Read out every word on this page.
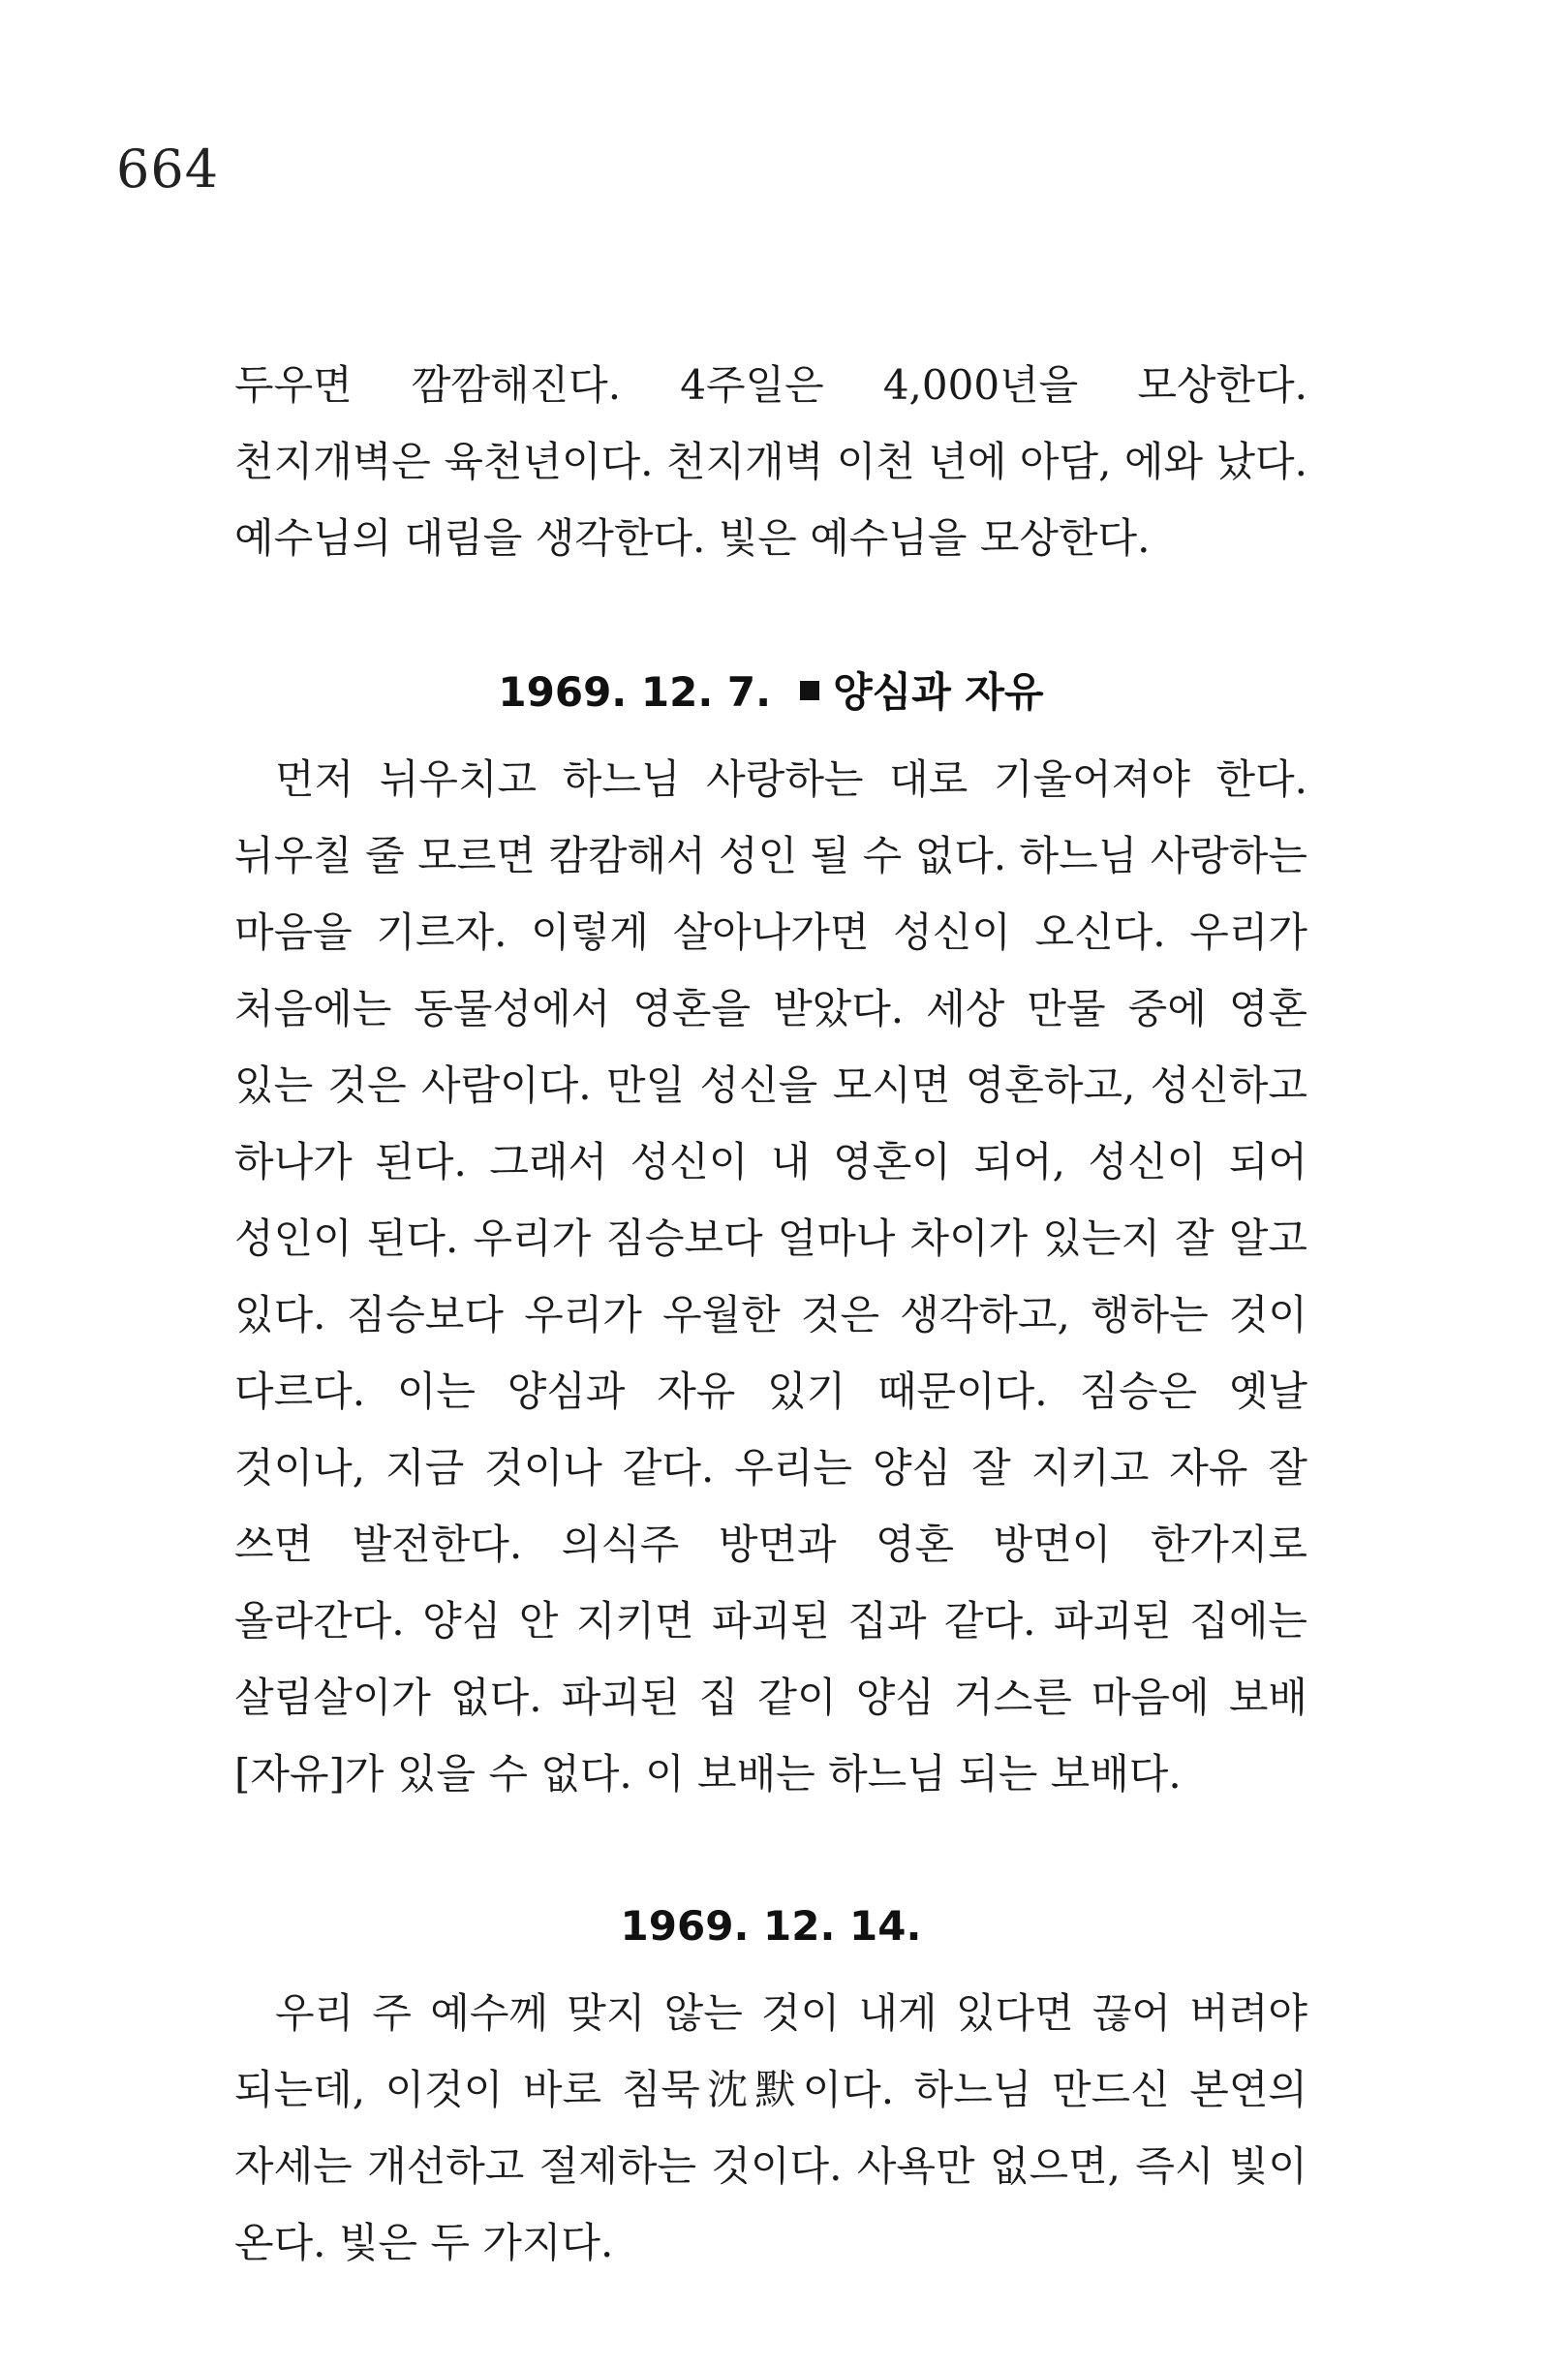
664

두우면 깜깜해진다. 4주일은 4,000년을 모상한다. 천지개벽은 육천년이다. 천지개벽 이천 년에 아담, 에와 났다. 예수님의 대림을 생각한다. 빛은 예수님을 모상한다.

1969. 12. 7. 양심과 자유

먼저 뉘우치고 하느님 사랑하는 대로 기울어져야 한다. 뉘우칠 줄 모르면 캄캄해서 성인 될 수 없다. 하느님 사랑하는 마음을 기르자. 이렇게 살아나가면 성신이 오신다. 우리가 처음에는 동물성에서 영혼을 받았다. 세상 만물 중에 영혼 있는 것은 사람이다. 만일 성신을 모시면 영혼하고, 성신하고 하나가 된다. 그래서 성신이 내 영혼이 되어, 성신이 되어 성인이 된다. 우리가 짐승보다 얼마나 차이가 있는지 잘 알고 있다. 짐승보다 우리가 우월한 것은 생각하고, 행하는 것이 다르다. 이는 양심과 자유 있기 때문이다. 짐승은 옛날 것이나, 지금 것이나 같다. 우리는 양심 잘 지키고 자유 잘 쓰면 발전한다. 의식주 방면과 영혼 방면이 한가지로 올라간다. 양심 안 지키면 파괴된 집과 같다. 파괴된 집에는 살림살이가 없다. 파괴된 집 같이 양심 거스른 마음에 보배[자유]가 있을 수 없다. 이 보배는 하느님 되는 보배다.

1969. 12. 14.

우리 주 예수께 맞지 않는 것이 내게 있다면 끊어 버려야 되는데, 이것이 바로 침묵沈默이다. 하느님 만드신 본연의 자세는 개선하고 절제하는 것이다. 사욕만 없으면, 즉시 빛이 온다. 빛은 두 가지다.
